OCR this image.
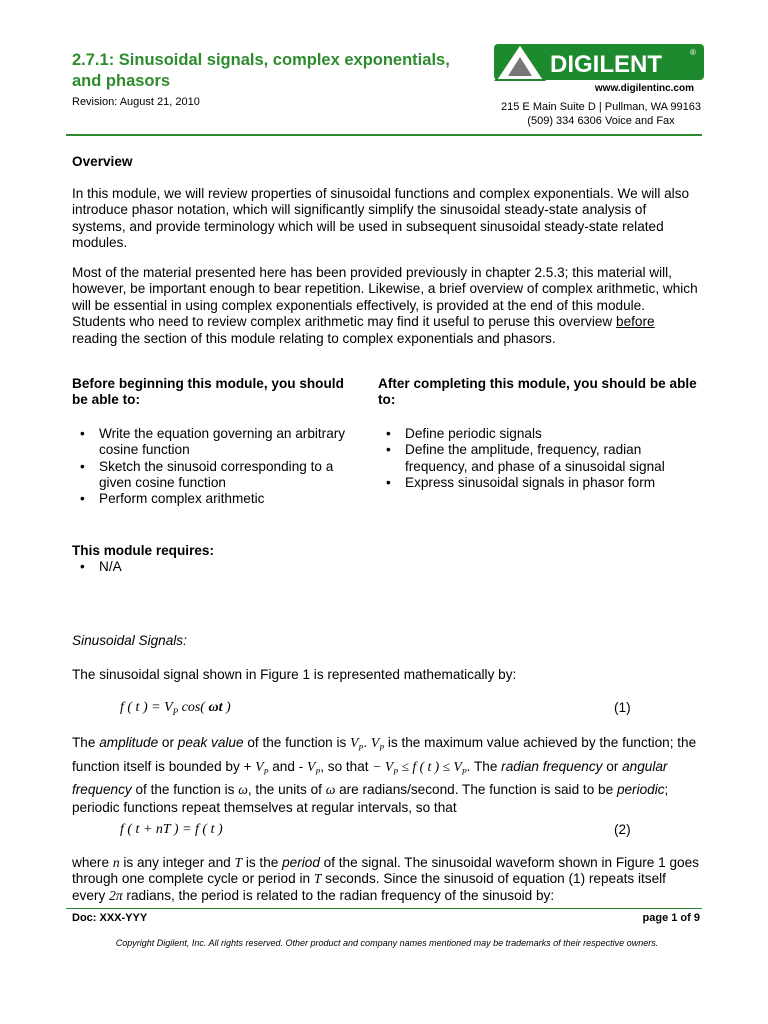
2.7.1: Sinusoidal signals, complex exponentials, and phasors
Revision: August 21, 2010
DIGILENT	®
www.digilentinc.com
215 E Main Suite D | Pullman, WA 99163
(509) 334 6306 Voice and Fax
Overview
In this module, we will review properties of sinusoidal functions and complex exponentials. We will also introduce phasor notation, which will significantly simplify the sinusoidal steady-state analysis of systems, and provide terminology which will be used in subsequent sinusoidal steady-state related modules.
Most of the material presented here has been provided previously in chapter 2.5.3; this material will, however, be important enough to bear repetition. Likewise, a brief overview of complex arithmetic, which will be essential in using complex exponentials effectively, is provided at the end of this module. Students who need to review complex arithmetic may find it useful to peruse this overview before reading the section of this module relating to complex exponentials and phasors.
Before beginning this module, you should be able to:
• Write the equation governing an arbitrary cosine function
• Sketch the sinusoid corresponding to a given cosine function
• Perform complex arithmetic
After completing this module, you should be able to:
• Define periodic signals
• Define the amplitude, frequency, radian frequency, and phase of a sinusoidal signal
• Express sinusoidal signals in phasor form
This module requires:
• N/A
Sinusoidal Signals:
The sinusoidal signal shown in Figure 1 is represented mathematically by:
f ( t ) = $V_P$ cos( ωt )	(1)
The amplitude or peak value of the function is $V_P$. $V_P$ is the maximum value achieved by the function; the function itself is bounded by + $V_P$ and - $V_P$, so that − $V_P \le f$ ( t ) ≤ $V_P$. The radian frequency or angular frequency of the function is ω, the units of ω are radians/second. The function is said to be periodic; periodic functions repeat themselves at regular intervals, so that
f ( t + nT ) = f ( t )	(2)
where n is any integer and T is the period of the signal. The sinusoidal waveform shown in Figure 1 goes through one complete cycle or period in T seconds. Since the sinusoid of equation (1) repeats itself every 2π radians, the period is related to the radian frequency of the sinusoid by:
Doc: XXX-YYY	page 1 of 9
Copyright Digilent, Inc. All rights reserved. Other product and company names mentioned may be trademarks of their respective owners.
